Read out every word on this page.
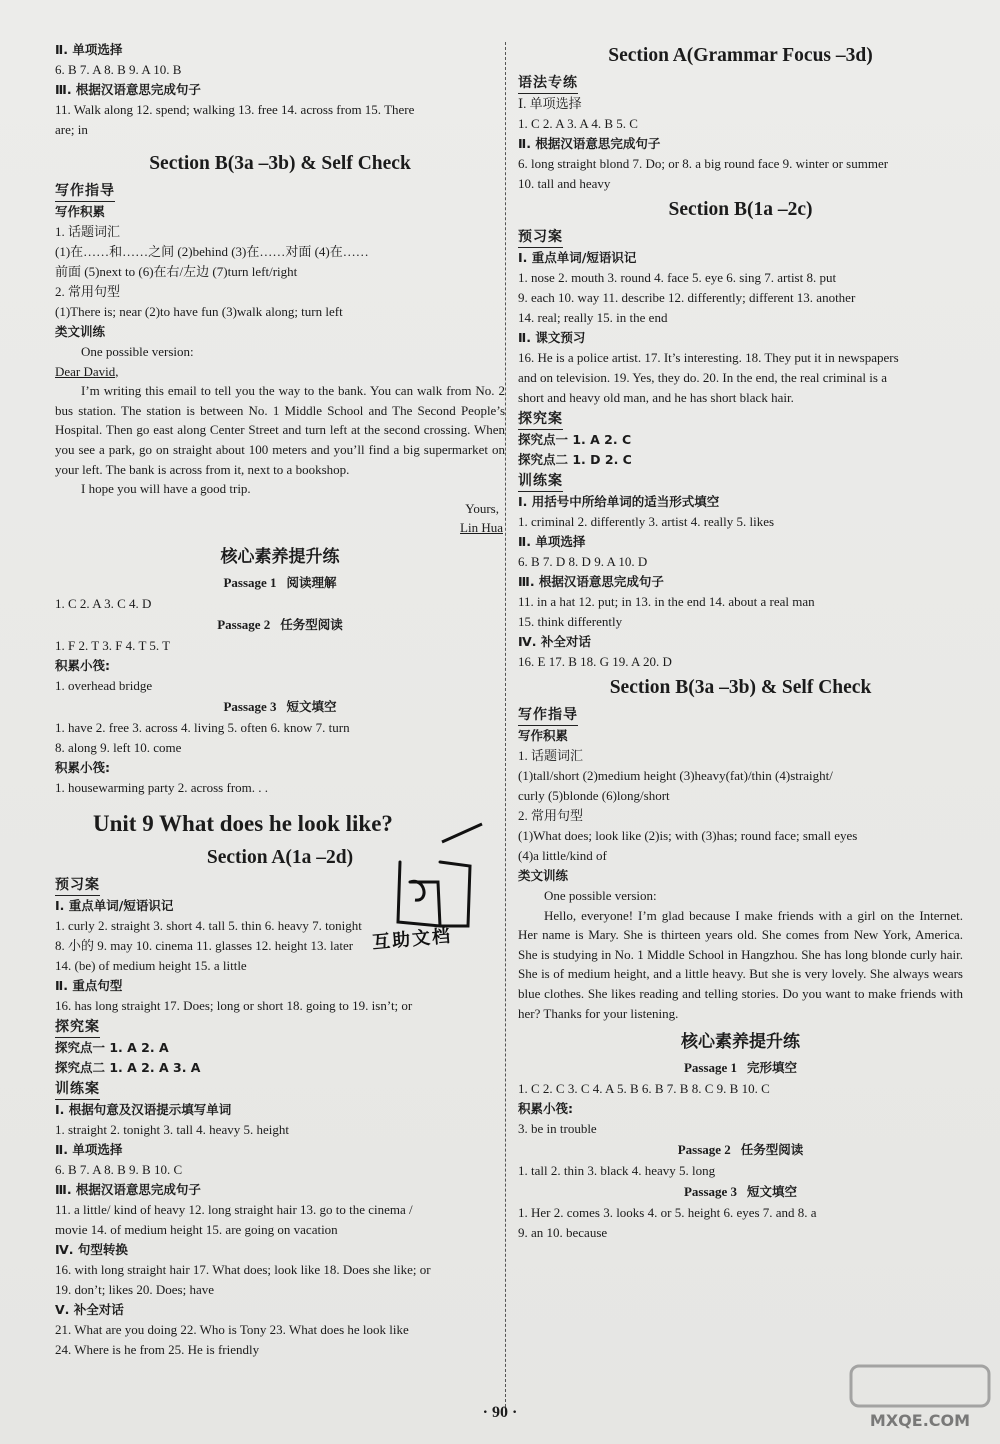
Ⅱ. 单项选择
6. B 7. A 8. B 9. A 10. B
Ⅲ. 根据汉语意思完成句子
11. Walk along 12. spend; walking 13. free 14. across from 15. There
are; in
Section B(3a –3b) & Self Check
写作指导
写作积累
1. 话题词汇
(1)在……和……之间 (2)behind (3)在……对面 (4)在……
前面 (5)next to (6)在右/左边 (7)turn left/right
2. 常用句型
(1)There is; near (2)to have fun (3)walk along; turn left
类文训练
One possible version:
Dear David,
I’m writing this email to tell you the way to the bank. You can walk from No. 2 bus station. The station is between No. 1 Middle School and The Second People’s Hospital. Then go east along Center Street and turn left at the second crossing. When you see a park, go on straight about 100 meters and you’ll find a big supermarket on your left. The bank is across from it, next to a bookshop.
I hope you will have a good trip.
Yours,
Lin Hua
核心素养提升练
Passage 1 阅读理解
1. C 2. A 3. C 4. D
Passage 2 任务型阅读
1. F 2. T 3. F 4. T 5. T
积累小筏:
1. overhead bridge
Passage 3 短文填空
1. have 2. free 3. across 4. living 5. often 6. know 7. turn
8. along 9. left 10. come
积累小筏:
1. housewarming party 2. across from. . .
Unit 9 What does he look like?
Section A(1a –2d)
预习案
Ⅰ. 重点单词/短语识记
1. curly 2. straight 3. short 4. tall 5. thin 6. heavy 7. tonight
8. 小的 9. may 10. cinema 11. glasses 12. height 13. later
14. (be) of medium height 15. a little
Ⅱ. 重点句型
16. has long straight 17. Does; long or short 18. going to 19. isn’t; or
探究案
探究点一 1. A 2. A
探究点二 1. A 2. A 3. A
训练案
Ⅰ. 根据句意及汉语提示填写单词
1. straight 2. tonight 3. tall 4. heavy 5. height
Ⅱ. 单项选择
6. B 7. A 8. B 9. B 10. C
Ⅲ. 根据汉语意思完成句子
11. a little/ kind of heavy 12. long straight hair 13. go to the cinema /
movie 14. of medium height 15. are going on vacation
Ⅳ. 句型转换
16. with long straight hair 17. What does; look like 18. Does she like; or
19. don’t; likes 20. Does; have
Ⅴ. 补全对话
21. What are you doing 22. Who is Tony 23. What does he look like
24. Where is he from 25. He is friendly
Section A(Grammar Focus –3d)
语法专练
Ⅰ. 单项选择
1. C 2. A 3. A 4. B 5. C
Ⅱ. 根据汉语意思完成句子
6. long straight blond 7. Do; or 8. a big round face 9. winter or summer
10. tall and heavy
Section B(1a –2c)
预习案
Ⅰ. 重点单词/短语识记
1. nose 2. mouth 3. round 4. face 5. eye 6. sing 7. artist 8. put
9. each 10. way 11. describe 12. differently; different 13. another
14. real; really 15. in the end
Ⅱ. 课文预习
16. He is a police artist. 17. It’s interesting. 18. They put it in newspapers
and on television. 19. Yes, they do. 20. In the end, the real criminal is a
short and heavy old man, and he has short black hair.
探究案
探究点一 1. A 2. C
探究点二 1. D 2. C
训练案
Ⅰ. 用括号中所给单词的适当形式填空
1. criminal 2. differently 3. artist 4. really 5. likes
Ⅱ. 单项选择
6. B 7. D 8. D 9. A 10. D
Ⅲ. 根据汉语意思完成句子
11. in a hat 12. put; in 13. in the end 14. about a real man
15. think differently
Ⅳ. 补全对话
16. E 17. B 18. G 19. A 20. D
Section B(3a –3b) & Self Check
写作指导
写作积累
1. 话题词汇
(1)tall/short (2)medium height (3)heavy(fat)/thin (4)straight/
curly (5)blonde (6)long/short
2. 常用句型
(1)What does; look like (2)is; with (3)has; round face; small eyes
(4)a little/kind of
类文训练
One possible version:
Hello, everyone! I’m glad because I make friends with a girl on the Internet. Her name is Mary. She is thirteen years old. She comes from New York, America. She is studying in No. 1 Middle School in Hangzhou. She has long blonde curly hair. She is of medium height, and a little heavy. But she is very lovely. She always wears blue clothes. She likes reading and telling stories. Do you want to make friends with her? Thanks for your listening.
核心素养提升练
Passage 1 完形填空
1. C 2. C 3. C 4. A 5. B 6. B 7. B 8. C 9. B 10. C
积累小筏:
3. be in trouble
Passage 2 任务型阅读
1. tall 2. thin 3. black 4. heavy 5. long
Passage 3 短文填空
1. Her 2. comes 3. looks 4. or 5. height 6. eyes 7. and 8. a
9. an 10. because
互助文档
MXQE.COM
· 90 ·
